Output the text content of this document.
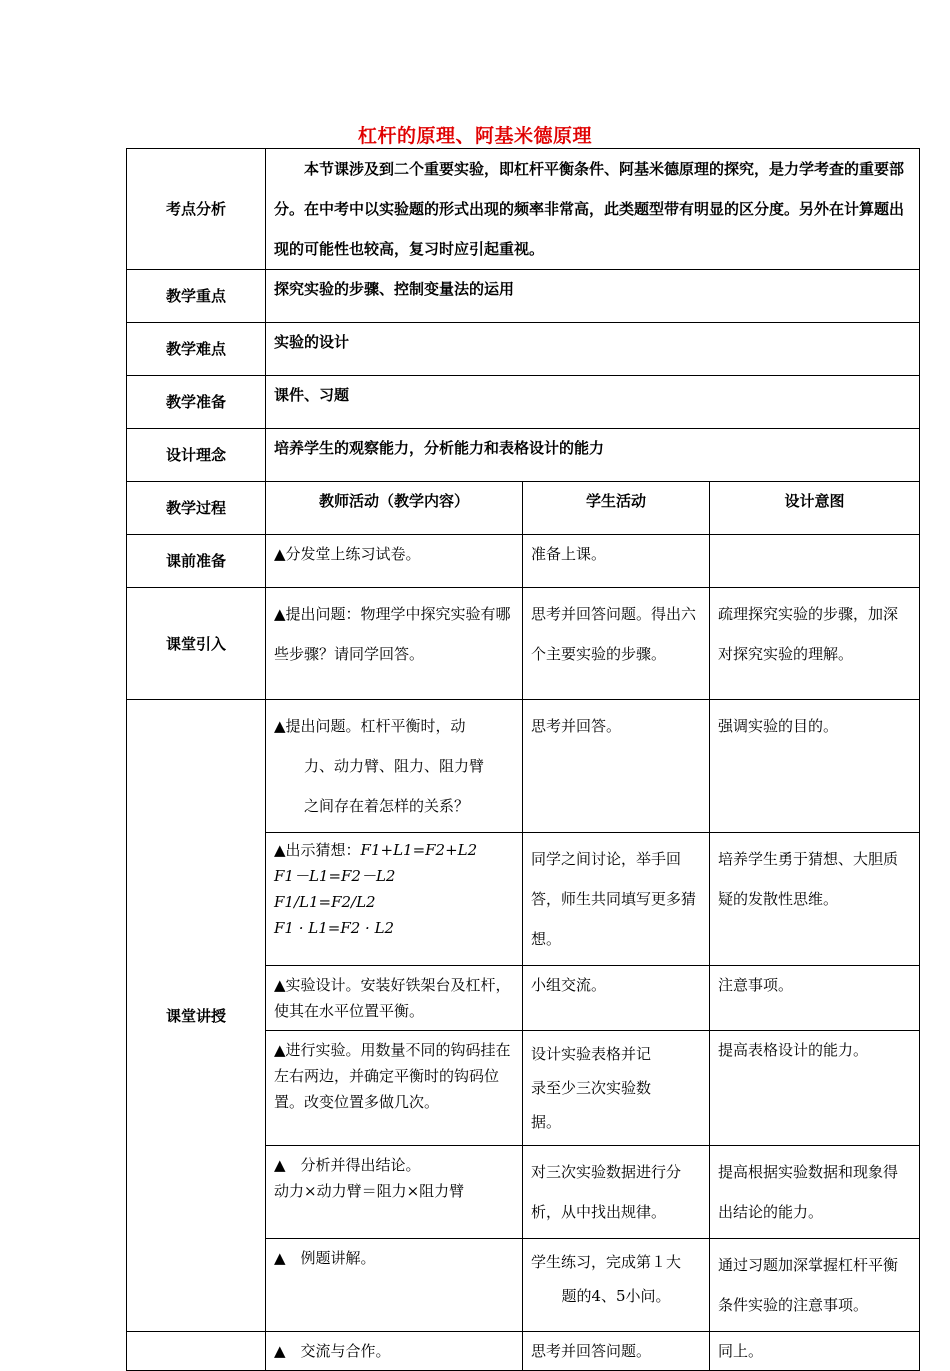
杠杆的原理、阿基米德原理
考点分析	本节课涉及到二个重要实验，即杠杆平衡条件、阿基米德原理的探究，是力学考查的重要部分。在中考中以实验题的形式出现的频率非常高，此类题型带有明显的区分度。另外在计算题出现的可能性也较高，复习时应引起重视。		

教学重点	探究实验的步骤、控制变量法的运用		
教学难点	实验的设计		
教学准备	课件、习题		
设计理念	培养学生的观察能力，分析能力和表格设计的能力		
教学过程	教师活动（教学内容）	学生活动	设计意图
课前准备	▲分发堂上练习试卷。	准备上课。	
课堂引入	▲提出问题：物理学中探究实验有哪些步骤？请同学回答。	思考并回答问题。得出六个主要实验的步骤。	疏理探究实验的步骤，加深对探究实验的理解。
课堂讲授	▲提出问题。杠杆平衡时，动
力、动力臂、阻力、阻力臂
之间存在着怎样的关系？	思考并回答。	强调实验的目的。

	▲出示猜想：F1+L1=F2+L2
F1－L1=F2－L2
F1/L1=F2/L2
F1 · L1=F2 · L2	同学之间讨论，举手回答，师生共同填写更多猜想。	培养学生勇于猜想、大胆质疑的发散性思维。
	▲实验设计。安装好铁架台及杠杆，使其在水平位置平衡。	小组交流。	注意事项。
	▲进行实验。用数量不同的钩码挂在左右两边，并确定平衡时的钩码位置。改变位置多做几次。	设计实验表格并记
录至少三次实验数
据。	提高表格设计的能力。

	▲　分析并得出结论。
动力×动力臂＝阻力×阻力臂	对三次实验数据进行分析，从中找出规律。	提高根据实验数据和现象得出结论的能力。
	▲　例题讲解。	学生练习，完成第１大
题的4、5小问。	通过习题加深掌握杠杆平衡条件实验的注意事项。
	▲　交流与合作。	思考并回答问题。	同上。
